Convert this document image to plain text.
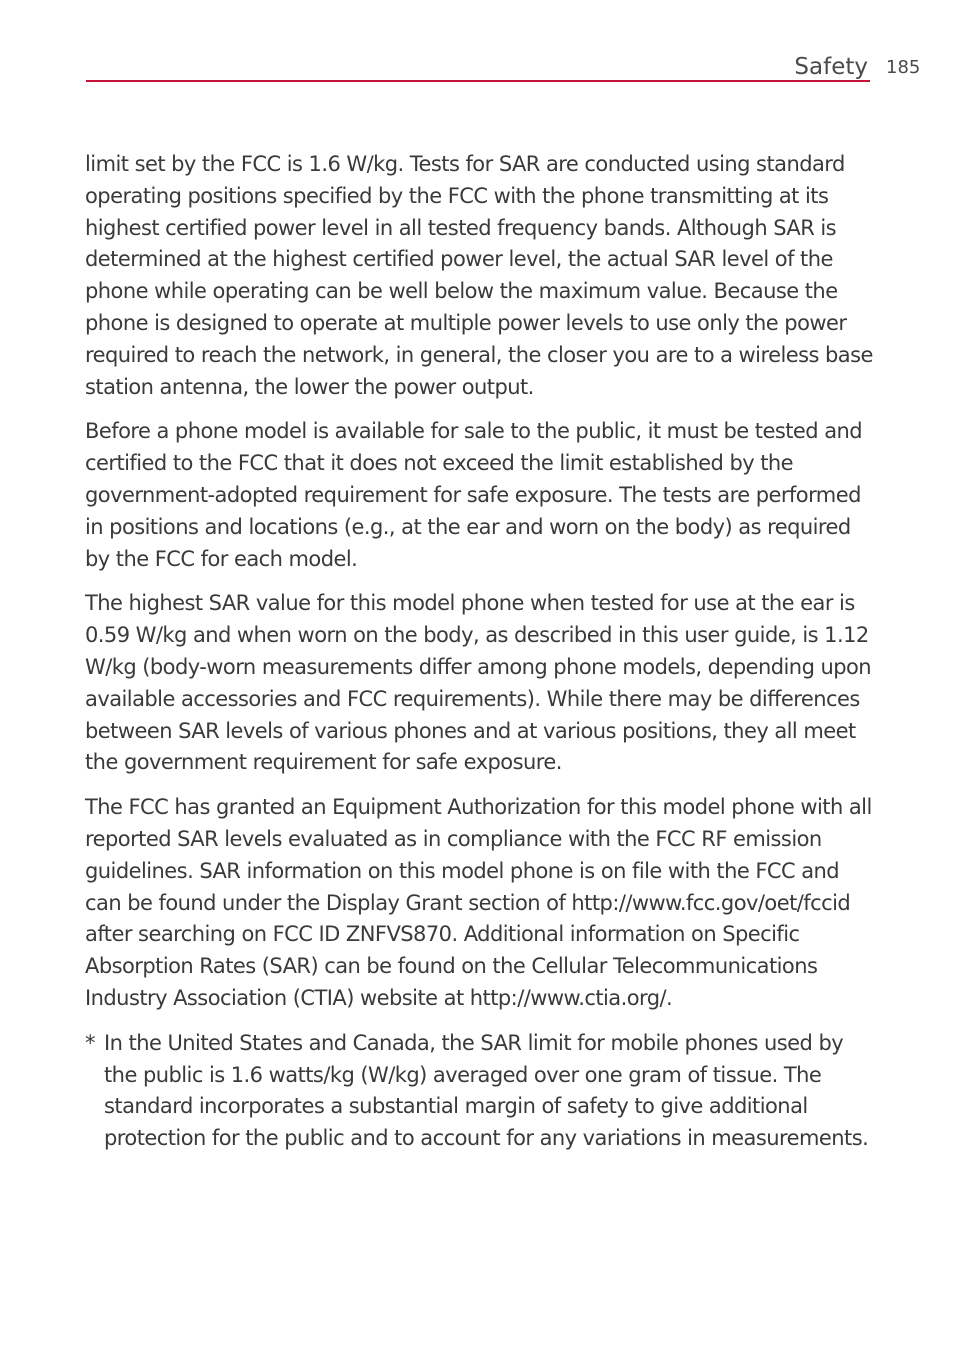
Safety 185

limit set by the FCC is 1.6 W/kg. Tests for SAR are conducted using standard operating positions specified by the FCC with the phone transmitting at its highest certified power level in all tested frequency bands. Although SAR is determined at the highest certified power level, the actual SAR level of the phone while operating can be well below the maximum value. Because the phone is designed to operate at multiple power levels to use only the power required to reach the network, in general, the closer you are to a wireless base station antenna, the lower the power output.

Before a phone model is available for sale to the public, it must be tested and certified to the FCC that it does not exceed the limit established by the government-adopted requirement for safe exposure. The tests are performed in positions and locations (e.g., at the ear and worn on the body) as required by the FCC for each model.

The highest SAR value for this model phone when tested for use at the ear is 0.59 W/kg and when worn on the body, as described in this user guide, is 1.12 W/kg (body-worn measurements differ among phone models, depending upon available accessories and FCC requirements). While there may be differences between SAR levels of various phones and at various positions, they all meet the government requirement for safe exposure.

The FCC has granted an Equipment Authorization for this model phone with all reported SAR levels evaluated as in compliance with the FCC RF emission guidelines. SAR information on this model phone is on file with the FCC and can be found under the Display Grant section of http://www.fcc.gov/oet/fccid after searching on FCC ID ZNFVS870. Additional information on Specific Absorption Rates (SAR) can be found on the Cellular Telecommunications Industry Association (CTIA) website at http://www.ctia.org/.

* In the United States and Canada, the SAR limit for mobile phones used by the public is 1.6 watts/kg (W/kg) averaged over one gram of tissue. The standard incorporates a substantial margin of safety to give additional protection for the public and to account for any variations in measurements.
